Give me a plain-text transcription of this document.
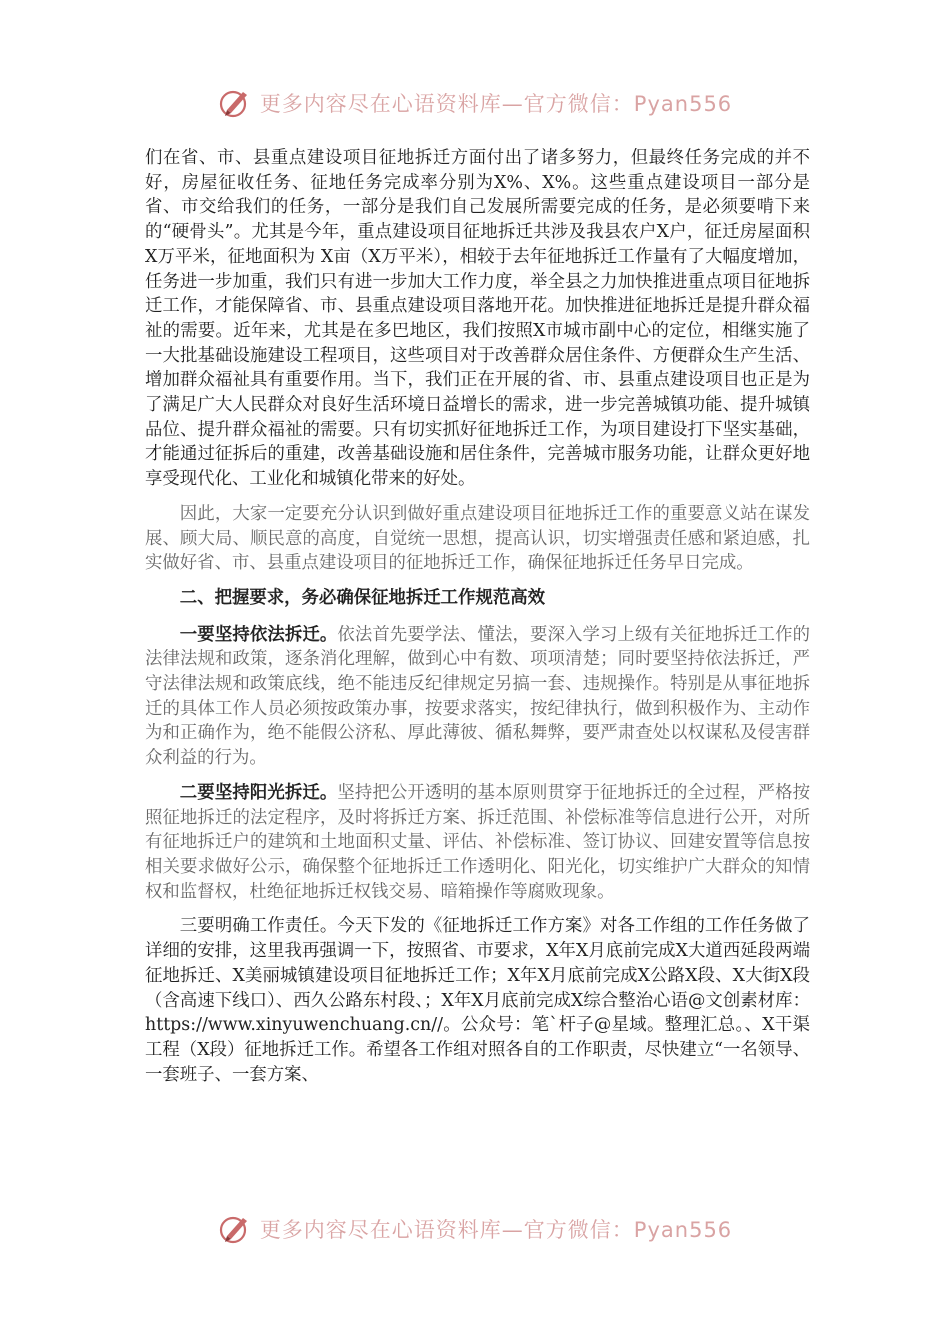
更多内容尽在心语资料库—官方微信：Pyan556

们在省、市、县重点建设项目征地拆迁方面付出了诸多努力，但最终任务完成的并不好，房屋征收任务、征地任务完成率分别为X%、X%。这些重点建设项目一部分是省、市交给我们的任务，一部分是我们自己发展所需要完成的任务，是必须要啃下来的“硬骨头”。尤其是今年，重点建设项目征地拆迁共涉及我县农户X户，征迁房屋面积X万平米，征地面积为 X亩（X万平米），相较于去年征地拆迁工作量有了大幅度增加，任务进一步加重，我们只有进一步加大工作力度，举全县之力加快推进重点项目征地拆迁工作，才能保障省、市、县重点建设项目落地开花。加快推进征地拆迁是提升群众福祉的需要。近年来，尤其是在多巴地区，我们按照X市城市副中心的定位，相继实施了一大批基础设施建设工程项目，这些项目对于改善群众居住条件、方便群众生产生活、增加群众福祉具有重要作用。当下，我们正在开展的省、市、县重点建设项目也正是为了满足广大人民群众对良好生活环境日益增长的需求，进一步完善城镇功能、提升城镇品位、提升群众福祉的需要。只有切实抓好征地拆迁工作，为项目建设打下坚实基础，才能通过征拆后的重建，改善基础设施和居住条件，完善城市服务功能，让群众更好地享受现代化、工业化和城镇化带来的好处。

因此，大家一定要充分认识到做好重点建设项目征地拆迁工作的重要意义站在谋发展、顾大局、顺民意的高度，自觉统一思想，提高认识，切实增强责任感和紧迫感，扎实做好省、市、县重点建设项目的征地拆迁工作，确保征地拆迁任务早日完成。

二、把握要求，务必确保征地拆迁工作规范高效

一要坚持依法拆迁。依法首先要学法、懂法，要深入学习上级有关征地拆迁工作的法律法规和政策，逐条消化理解，做到心中有数、项项清楚；同时要坚持依法拆迁，严守法律法规和政策底线，绝不能违反纪律规定另搞一套、违规操作。特别是从事征地拆迁的具体工作人员必须按政策办事，按要求落实，按纪律执行，做到积极作为、主动作为和正确作为，绝不能假公济私、厚此薄彼、循私舞弊，要严肃查处以权谋私及侵害群众利益的行为。

二要坚持阳光拆迁。坚持把公开透明的基本原则贯穿于征地拆迁的全过程，严格按照征地拆迁的法定程序，及时将拆迁方案、拆迁范围、补偿标准等信息进行公开，对所有征地拆迁户的建筑和土地面积丈量、评估、补偿标准、签订协议、回建安置等信息按相关要求做好公示，确保整个征地拆迁工作透明化、阳光化，切实维护广大群众的知情权和监督权，杜绝征地拆迁权钱交易、暗箱操作等腐败现象。

三要明确工作责任。今天下发的《征地拆迁工作方案》对各工作组的工作任务做了详细的安排，这里我再强调一下，按照省、市要求，X年X月底前完成X大道西延段两端征地拆迁、X美丽城镇建设项目征地拆迁工作；X年X月底前完成X公路X段、X大街X段（含高速下线口）、西久公路东村段、；X年X月底前完成X综合整治心语@文创素材库：https://www.xinyuwenchuang.cn//。公众号：笔`杆子@星域。整理汇总。、X干渠工程（X段）征地拆迁工作。希望各工作组对照各自的工作职责，尽快建立“一名领导、一套班子、一套方案、

更多内容尽在心语资料库—官方微信：Pyan556
